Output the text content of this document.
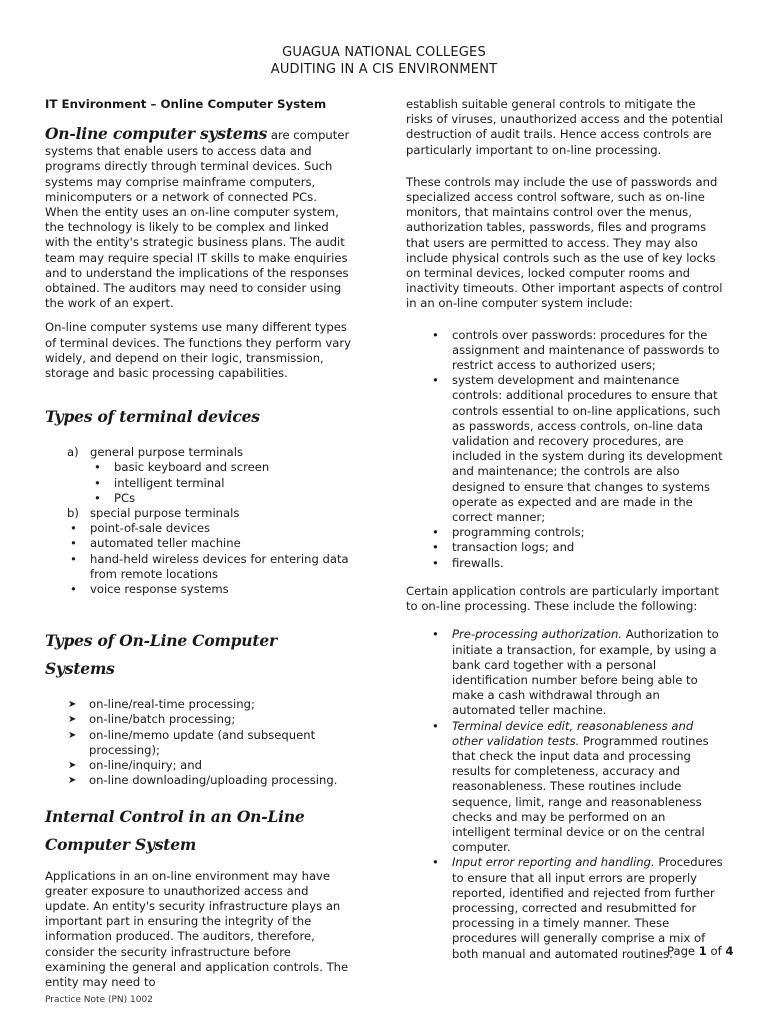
GUAGUA NATIONAL COLLEGES
AUDITING IN A CIS ENVIRONMENT
IT Environment – Online Computer System

On-line computer systems are computer systems that enable users to access data and programs directly through terminal devices. Such systems may comprise mainframe computers, minicomputers or a network of connected PCs. When the entity uses an on-line computer system, the technology is likely to be complex and linked with the entity's strategic business plans. The audit team may require special IT skills to make enquiries and to understand the implications of the responses obtained. The auditors may need to consider using the work of an expert.

On-line computer systems use many different types of terminal devices. The functions they perform vary widely, and depend on their logic, transmission, storage and basic processing capabilities.

Types of terminal devices
a) general purpose terminals
• basic keyboard and screen
• intelligent terminal
• PCs
b) special purpose terminals
• point-of-sale devices
• automated teller machine
• hand-held wireless devices for entering data from remote locations
• voice response systems
Types of On-Line Computer Systems
➤ on-line/real-time processing;
➤ on-line/batch processing;
➤ on-line/memo update (and subsequent processing);
➤ on-line/inquiry; and
➤ on-line downloading/uploading processing.
Internal Control in an On-Line Computer System

Applications in an on-line environment may have greater exposure to unauthorized access and update. An entity's security infrastructure plays an important part in ensuring the integrity of the information produced. The auditors, therefore, consider the security infrastructure before examining the general and application controls. The entity may need to

establish suitable general controls to mitigate the risks of viruses, unauthorized access and the potential destruction of audit trails. Hence access controls are particularly important to on-line processing.

These controls may include the use of passwords and specialized access control software, such as on-line monitors, that maintains control over the menus, authorization tables, passwords, files and programs that users are permitted to access. They may also include physical controls such as the use of key locks on terminal devices, locked computer rooms and inactivity timeouts. Other important aspects of control in an on-line computer system include:

• controls over passwords: procedures for the assignment and maintenance of passwords to restrict access to authorized users;
• system development and maintenance controls: additional procedures to ensure that controls essential to on-line applications, such as passwords, access controls, on-line data validation and recovery procedures, are included in the system during its development and maintenance; the controls are also designed to ensure that changes to systems operate as expected and are made in the correct manner;
• programming controls;
• transaction logs; and
• firewalls.

Certain application controls are particularly important to on-line processing. These include the following:

• Pre-processing authorization. Authorization to initiate a transaction, for example, by using a bank card together with a personal identification number before being able to make a cash withdrawal through an automated teller machine.
• Terminal device edit, reasonableness and other validation tests. Programmed routines that check the input data and processing results for completeness, accuracy and reasonableness. These routines include sequence, limit, range and reasonableness checks and may be performed on an intelligent terminal device or on the central computer.
• Input error reporting and handling. Procedures to ensure that all input errors are properly reported, identified and rejected from further processing, corrected and resubmitted for processing in a timely manner. These procedures will generally comprise a mix of both manual and automated routines.
Page 1 of 4
Practice Note (PN) 1002
